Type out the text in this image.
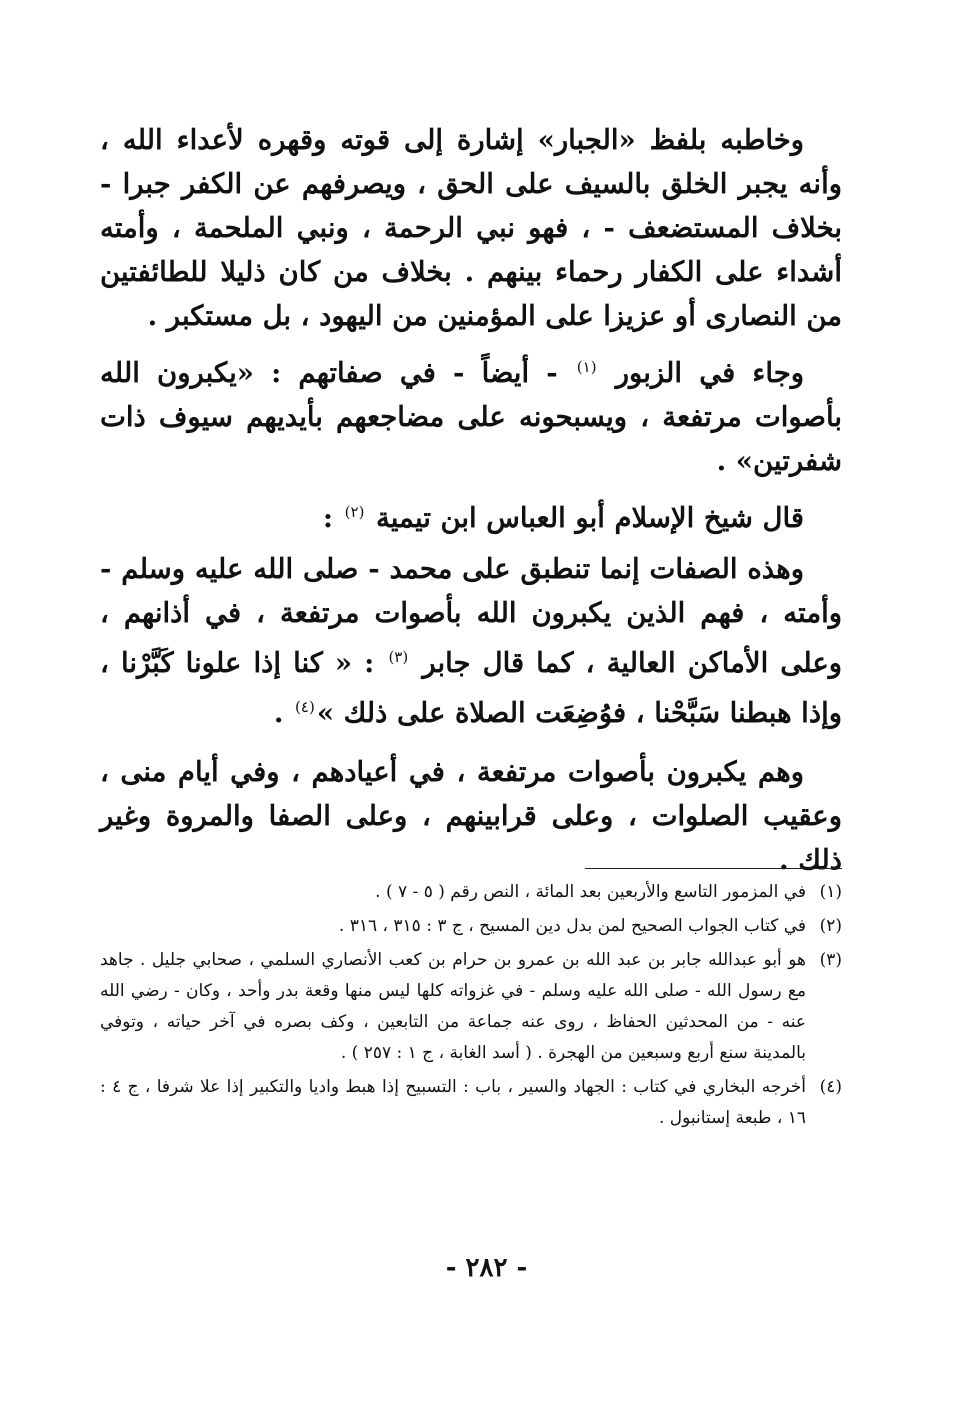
وخاطبه بلفظ «الجبار» إشارة إلى قوته وقهره لأعداء الله ، وأنه يجبر الخلق بالسيف على الحق ، ويصرفهم عن الكفر جبرا - بخلاف المستضعف - ، فهو نبي الرحمة ، ونبي الملحمة ، وأمته أشداء على الكفار رحماء بينهم . بخلاف من كان ذليلا للطائفتين من النصارى أو عزيزا على المؤمنين من اليهود ، بل مستكبر .

وجاء في الزبور $^{(١)}$ - أيضاً - في صفاتهم : «يكبرون الله بأصوات مرتفعة ، ويسبحونه على مضاجعهم بأيديهم سيوف ذات شفرتين» .

قال شيخ الإسلام أبو العباس ابن تيمية $^{(٢)}$ :

وهذه الصفات إنما تنطبق على محمد - صلى الله عليه وسلم - وأمته ، فهم الذين يكبرون الله بأصوات مرتفعة ، في أذانهم ، وعلى الأماكن العالية ، كما قال جابر $^{(٣)}$ : « كنا إذا علونا كَبَّرْنا ، وإذا هبطنا سَبَّحْنا ، فوُضِعَت الصلاة على ذلك »$^{(٤)}$ .

وهم يكبرون بأصوات مرتفعة ، في أعيادهم ، وفي أيام منى ، وعقيب الصلوات ، وعلى قرابينهم ، وعلى الصفا والمروة وغير ذلك .

(١)
في المزمور التاسع والأربعين بعد المائة ، النص رقم ( ٥ - ٧ ) .
(٢)
في كتاب الجواب الصحيح لمن بدل دين المسيح ، ج ٣ : ٣١٥ ، ٣١٦ .
(٣)
هو أبو عبدالله جابر بن عبد الله بن عمرو بن حرام بن كعب الأنصاري السلمي ، صحابي جليل . جاهد مع رسول الله - صلى الله عليه وسلم - في غزواته كلها ليس منها وقعة بدر وأحد ، وكان - رضي الله عنه - من المحدثين الحفاظ ، روى عنه جماعة من التابعين ، وكف بصره في آخر حياته ، وتوفي بالمدينة سنع أربع وسبعين من الهجرة . ( أسد الغابة ، ج ١ : ٢٥٧ ) .
(٤)
أخرجه البخاري في كتاب : الجهاد والسير ، باب : التسبيح إذا هبط واديا والتكبير إذا علا شرفا ، ج ٤ : ١٦ ، طبعة إستانبول .
- ٢٨٢ -
